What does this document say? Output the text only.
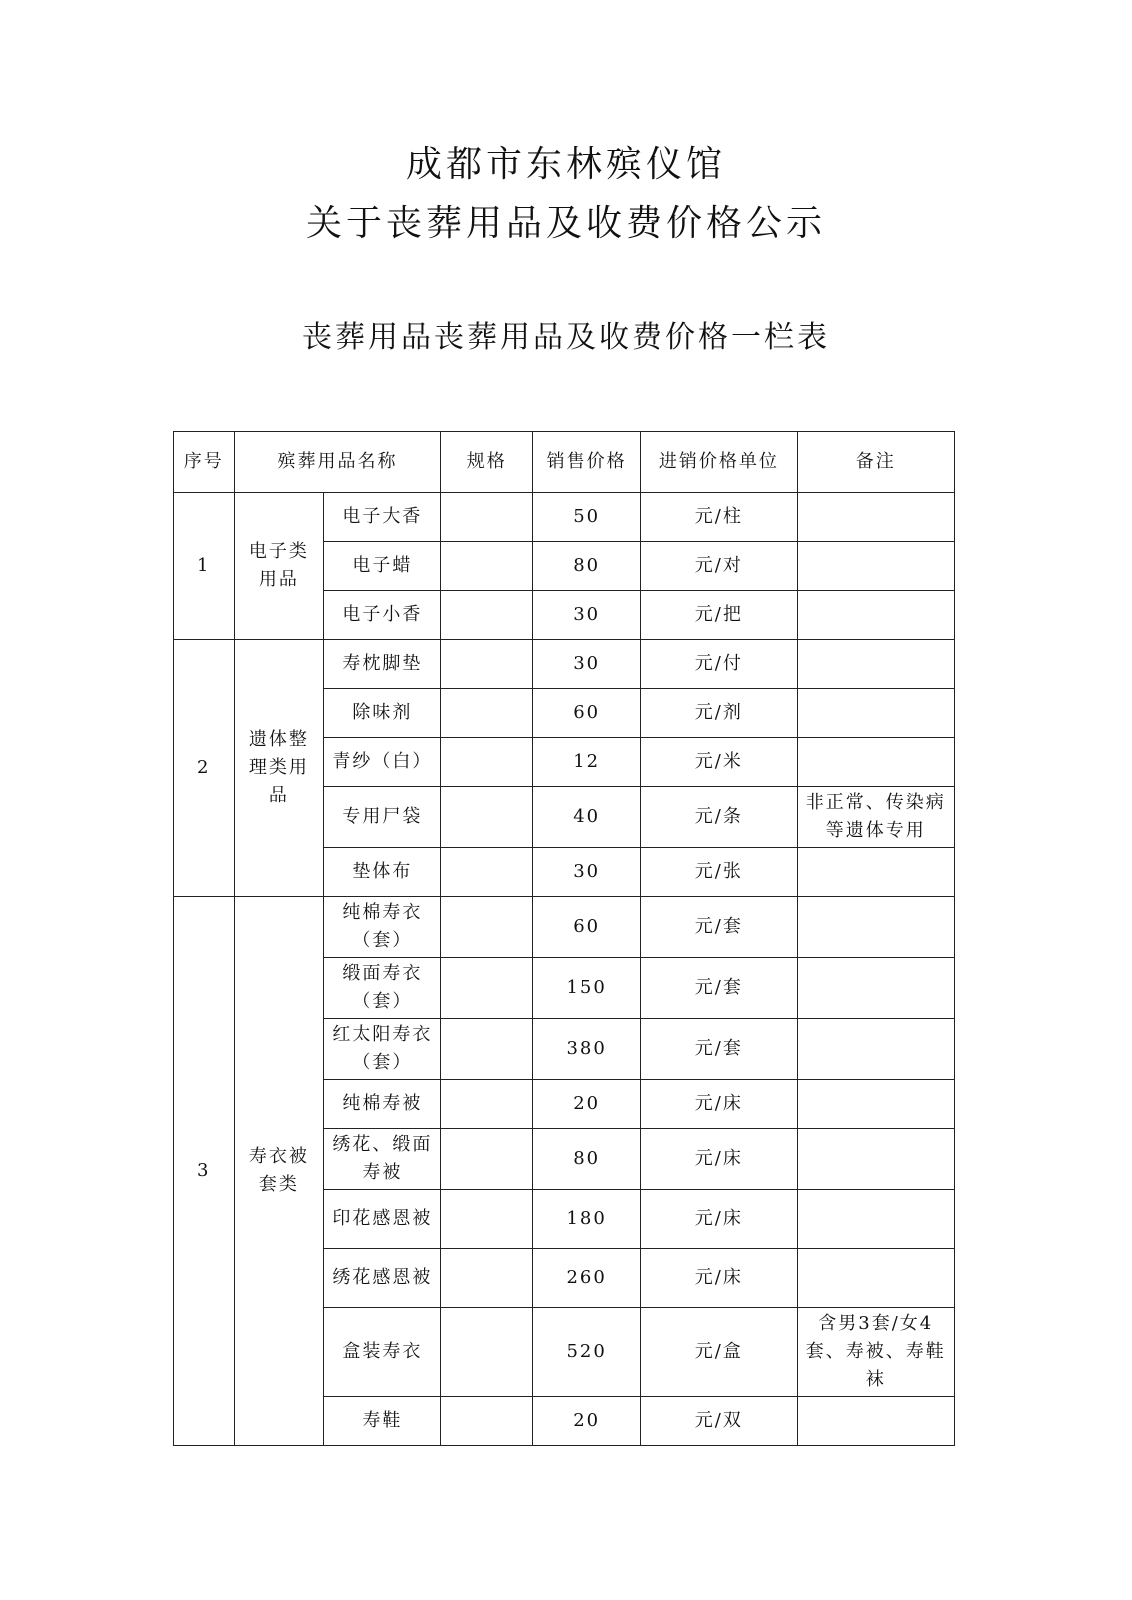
成都市东林殡仪馆
关于丧葬用品及收费价格公示
丧葬用品丧葬用品及收费价格一栏表
序号	殡葬用品名称		规格	销售价格	进销价格单位	备注
1	电子类用品	电子大香		50	元/柱	
		电子蜡		80	元/对	
		电子小香		30	元/把	
2	遗体整理类用品	寿枕脚垫		30	元/付	
		除味剂		60	元/剂	
		青纱（白）		12	元/米	
		专用尸袋		40	元/条	非正常、传染病等遗体专用
		垫体布		30	元/张	
3	寿衣被套类	纯棉寿衣（套）		60	元/套	
		缎面寿衣（套）		150	元/套	
		红太阳寿衣（套）		380	元/套	
		纯棉寿被		20	元/床	
		绣花、缎面寿被		80	元/床	
		印花感恩被		180	元/床	
		绣花感恩被		260	元/床	
		盒装寿衣		520	元/盒	含男3套/女4套、寿被、寿鞋袜
		寿鞋		20	元/双	
